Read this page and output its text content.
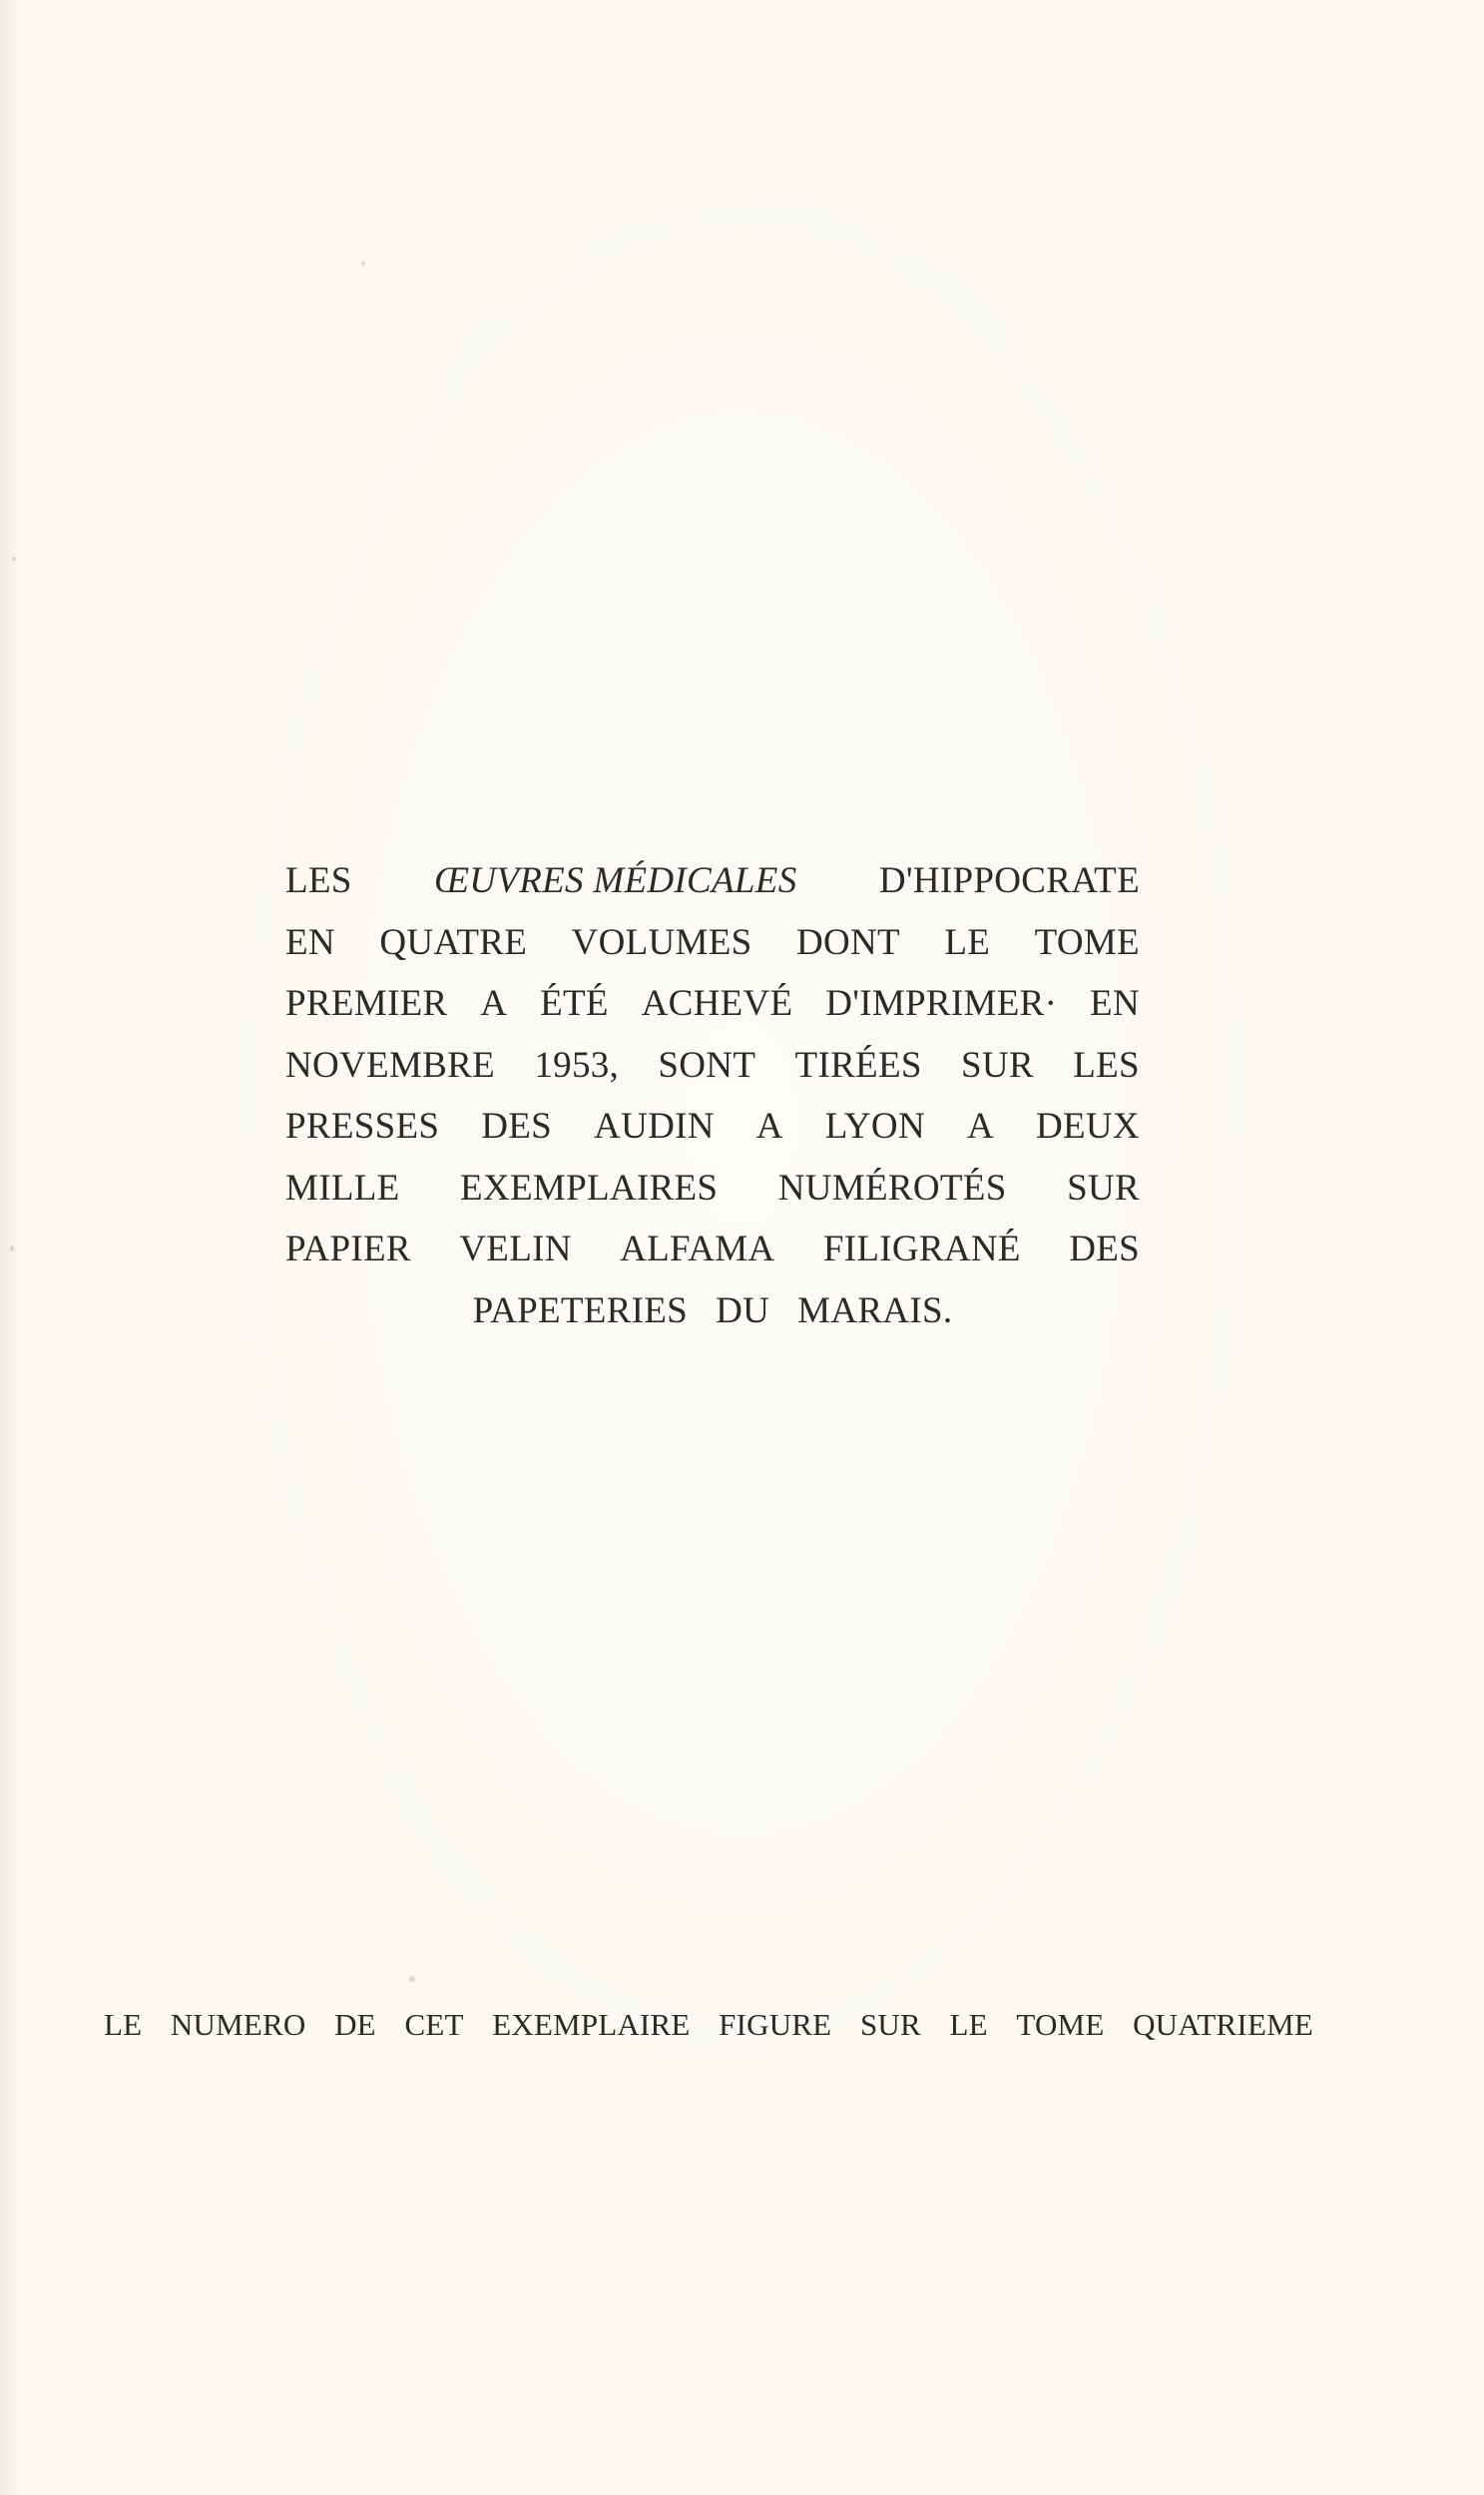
LES ŒUVRES MÉDICALES D'HIPPOCRATE
EN QUATRE VOLUMES DONT LE TOME
PREMIER A ÉTÉ ACHEVÉ D'IMPRIMER· EN
NOVEMBRE 1953, SONT TIRÉES SUR LES
PRESSES DES AUDIN A LYON A DEUX
MILLE EXEMPLAIRES NUMÉROTÉS SUR
PAPIER VELIN ALFAMA FILIGRANÉ DES
PAPETERIES DU MARAIS.
LE NUMERO DE CET EXEMPLAIRE FIGURE SUR LE TOME QUATRIEME
